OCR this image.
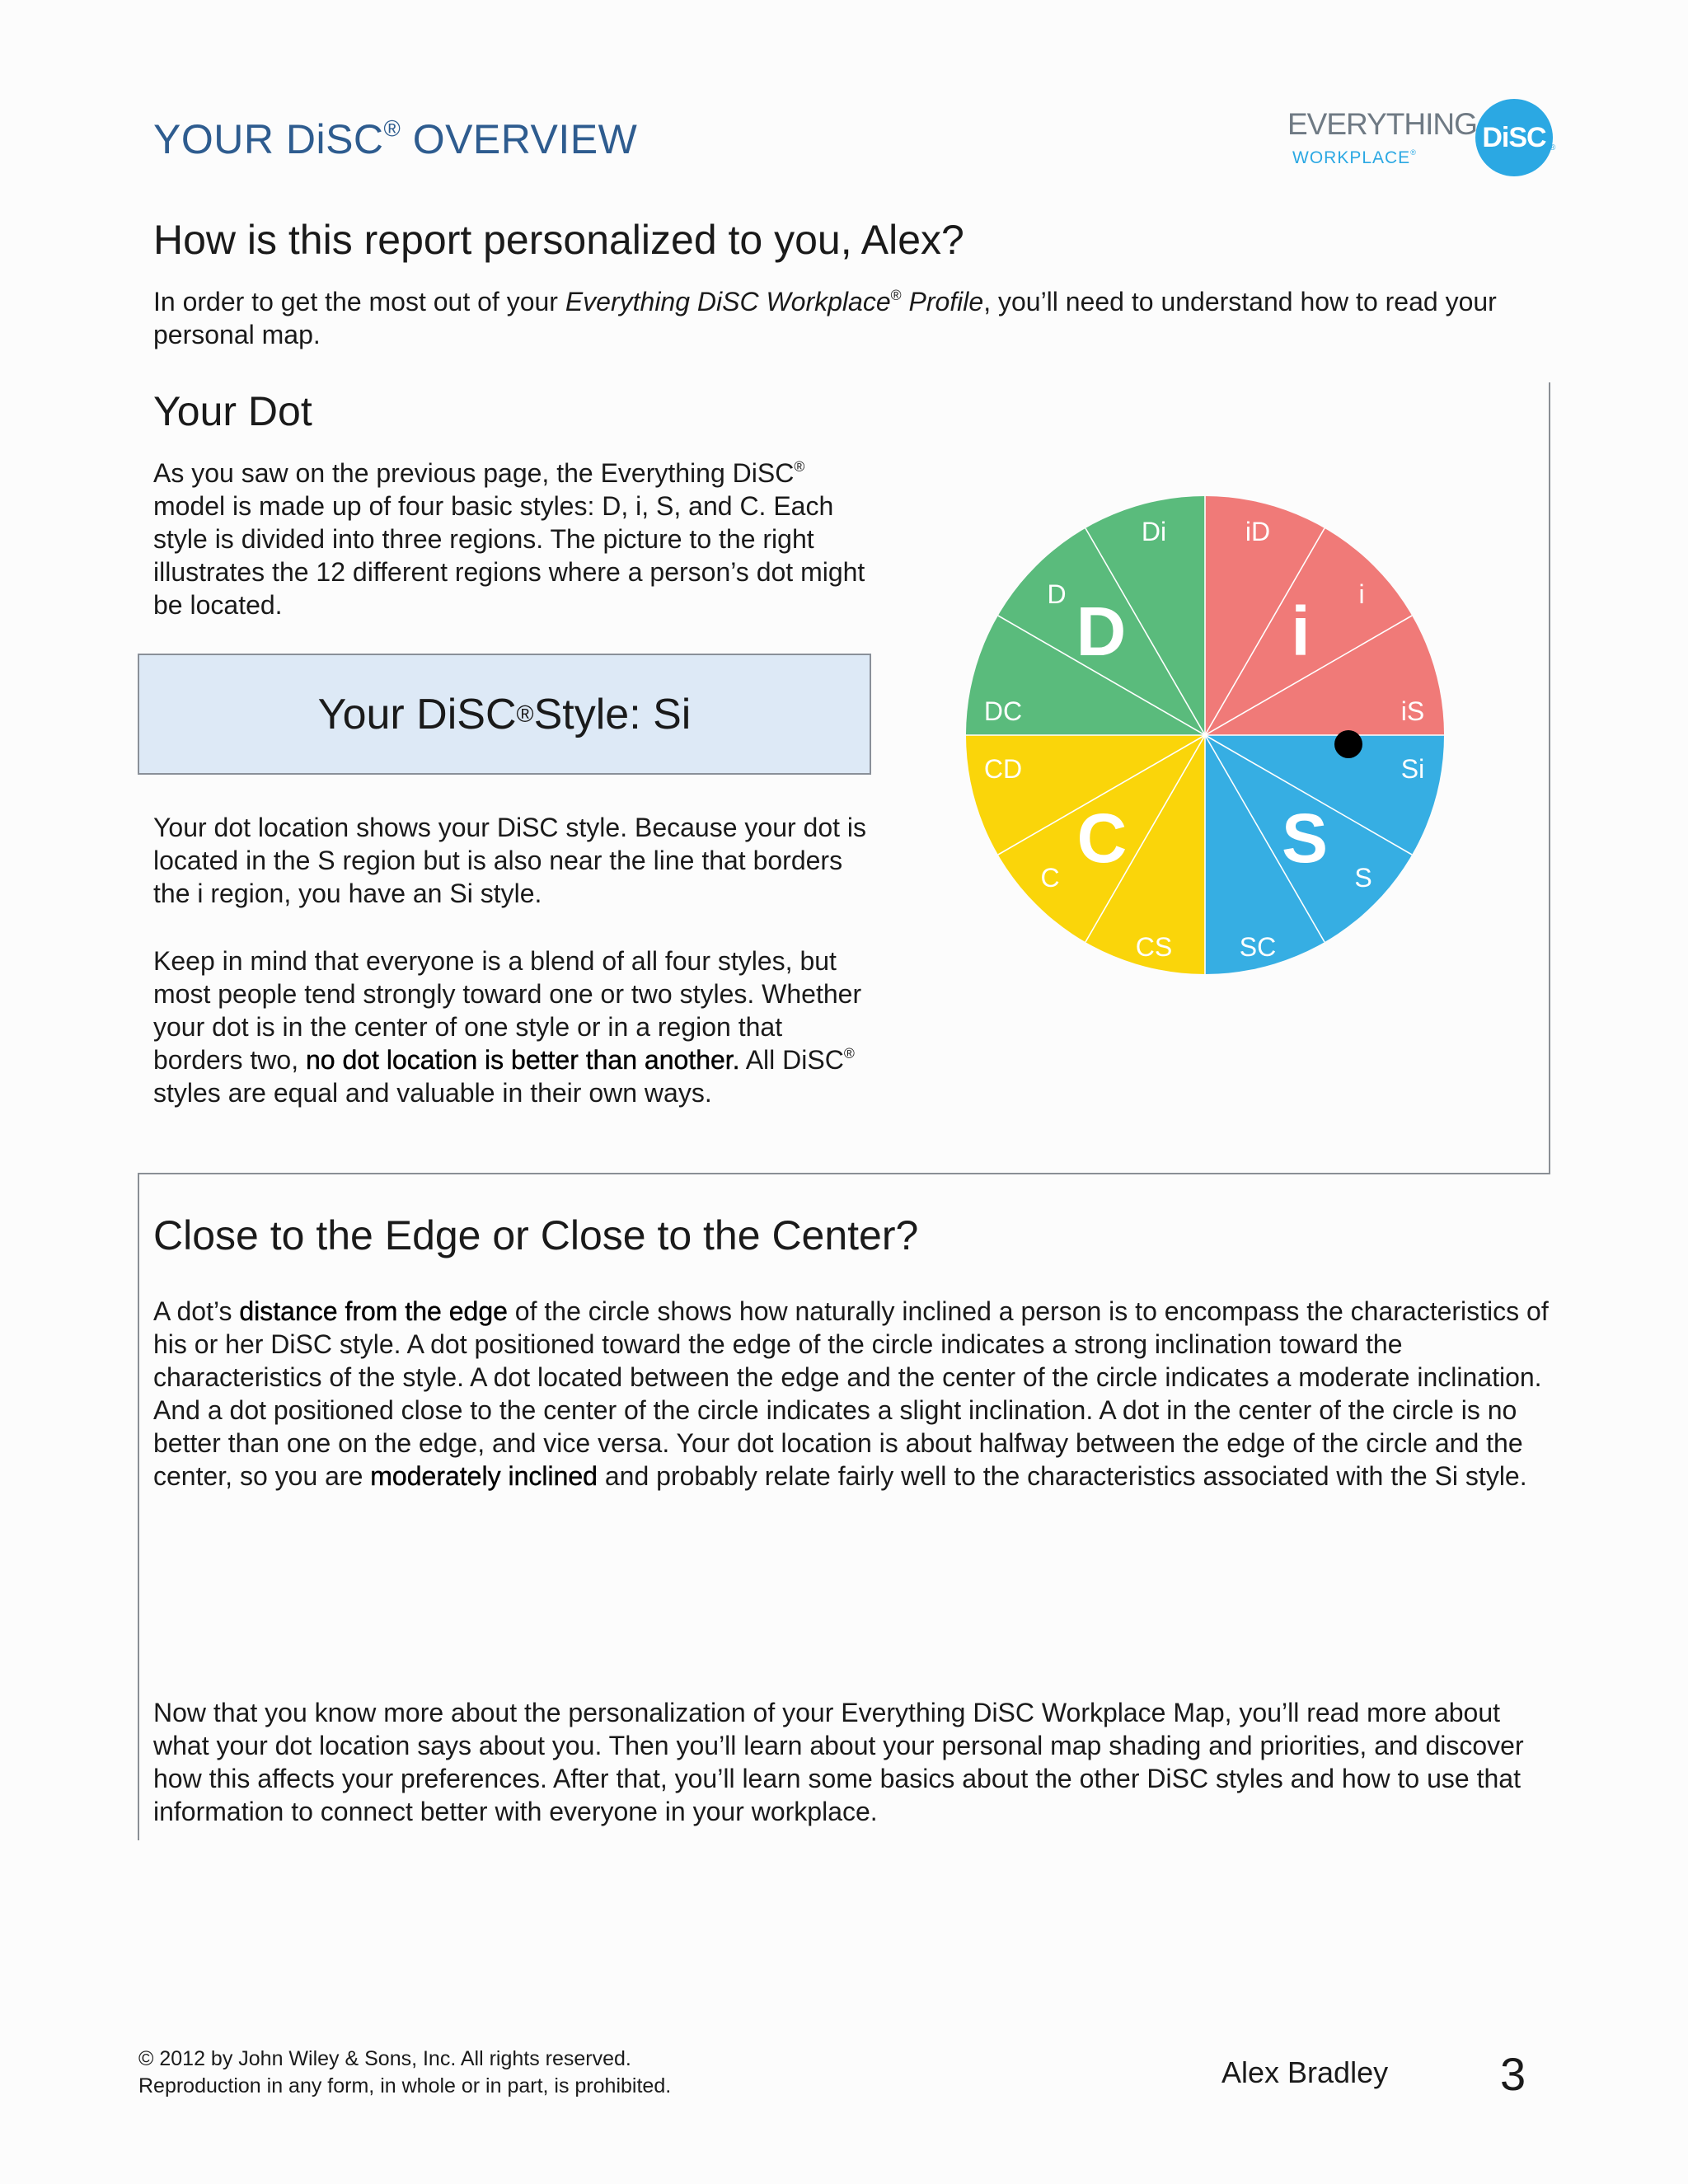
YOUR DiSC® OVERVIEW	EVERYTHING
WORKPLACE® DiSC ®
How is this report personalized to you, Alex?
In order to get the most out of your Everything DiSC Workplace® Profile, you’ll need to understand how to read your personal map.
Your Dot
As you saw on the previous page, the Everything DiSC® model is made up of four basic styles: D, i, S, and C. Each style is divided into three regions. The picture to the right illustrates the 12 different regions where a person’s dot might be located.
Your DiSC ® Style: Si
Your dot location shows your DiSC style. Because your dot is located in the S region but is also near the line that borders the i region, you have an Si style.
Keep in mind that everyone is a blend of all four styles, but most people tend strongly toward one or two styles. Whether your dot is in the center of one style or in a region that borders two, no dot location is better than another. All DiSC® styles are equal and valuable in their own ways.
D i
S
C
Di	iD
i
iS
Si
S
SC
CS
C
CD
DC
D
Close to the Edge or Close to the Center?
A dot’s distance from the edge of the circle shows how naturally inclined a person is to encompass the characteristics of his or her DiSC style. A dot positioned toward the edge of the circle indicates a strong inclination toward the characteristics of the style. A dot located between the edge and the center of the circle indicates a moderate inclination. And a dot positioned close to the center of the circle indicates a slight inclination. A dot in the center of the circle is no better than one on the edge, and vice versa. Your dot location is about halfway between the edge of the circle and the center, so you are moderately inclined and probably relate fairly well to the characteristics associated with the Si style.
Now that you know more about the personalization of your Everything DiSC Workplace Map, you’ll read more about what your dot location says about you. Then you’ll learn about your personal map shading and priorities, and discover how this affects your preferences. After that, you’ll learn some basics about the other DiSC styles and how to use that information to connect better with everyone in your workplace.
© 2012 by John Wiley & Sons, Inc. All rights reserved.
Reproduction in any form, in whole or in part, is prohibited.	Alex Bradley 3
